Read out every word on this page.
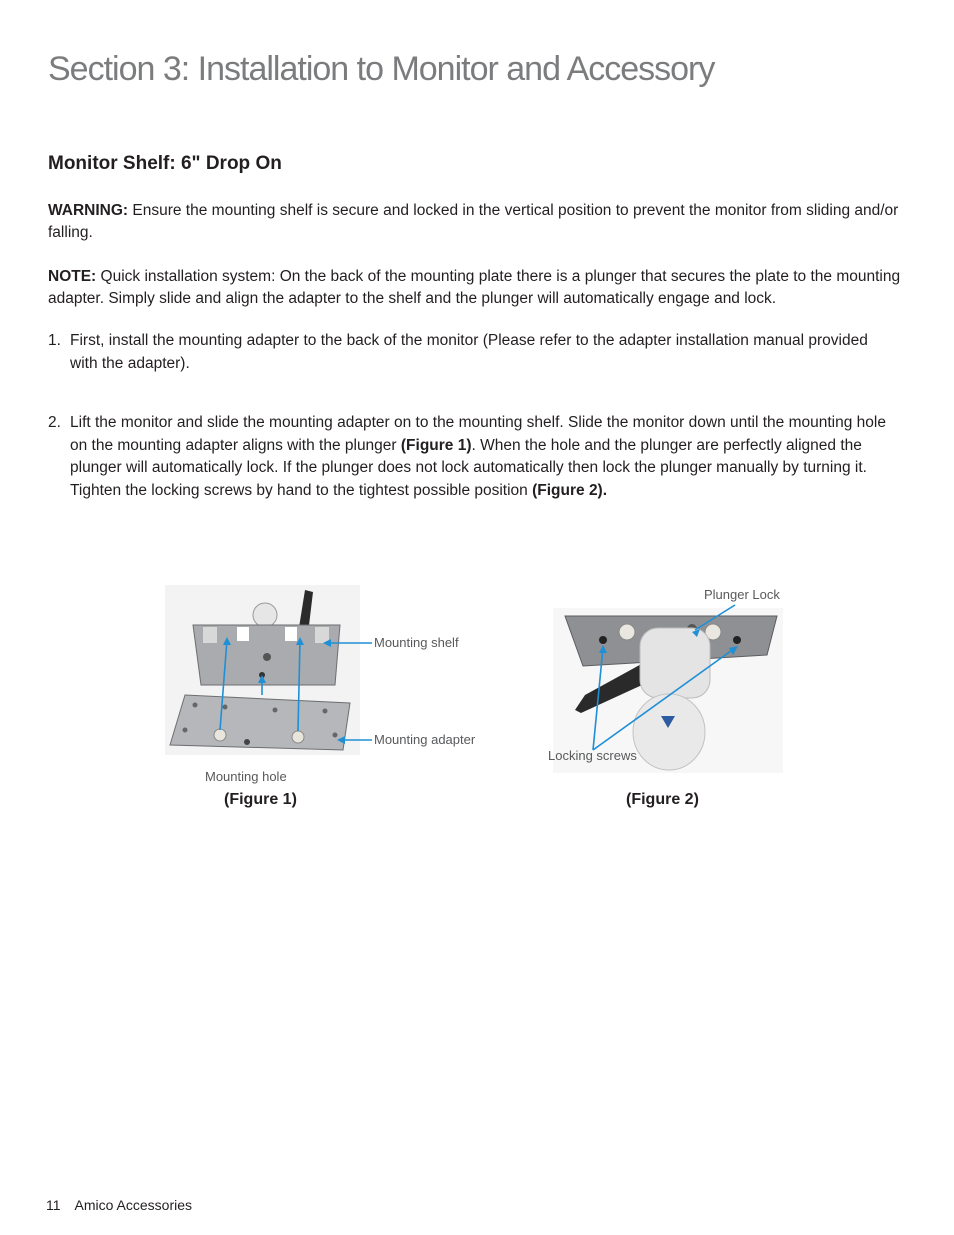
Section 3: Installation to Monitor and Accessory
Monitor Shelf: 6" Drop On

WARNING: Ensure the mounting shelf is secure and locked in the vertical position to prevent the monitor from sliding and/or falling.

NOTE: Quick installation system: On the back of the mounting plate there is a plunger that secures the plate to the mounting adapter. Simply slide and align the adapter to the shelf and the plunger will automatically engage and lock.

1. First, install the mounting adapter to the back of the monitor (Please refer to the adapter installation manual provided with the adapter).
2. Lift the monitor and slide the mounting adapter on to the mounting shelf. Slide the monitor down until the mounting hole on the mounting adapter aligns with the plunger (Figure 1). When the hole and the plunger are perfectly aligned the plunger will automatically lock. If the plunger does not lock automatically then lock the plunger manually by turning it. Tighten the locking screws by hand to the tightest possible position (Figure 2).
Mounting shelf
Mounting adapter
Mounting hole
(Figure 1)
Plunger Lock
Locking screws
(Figure 2)
11 Amico Accessories
